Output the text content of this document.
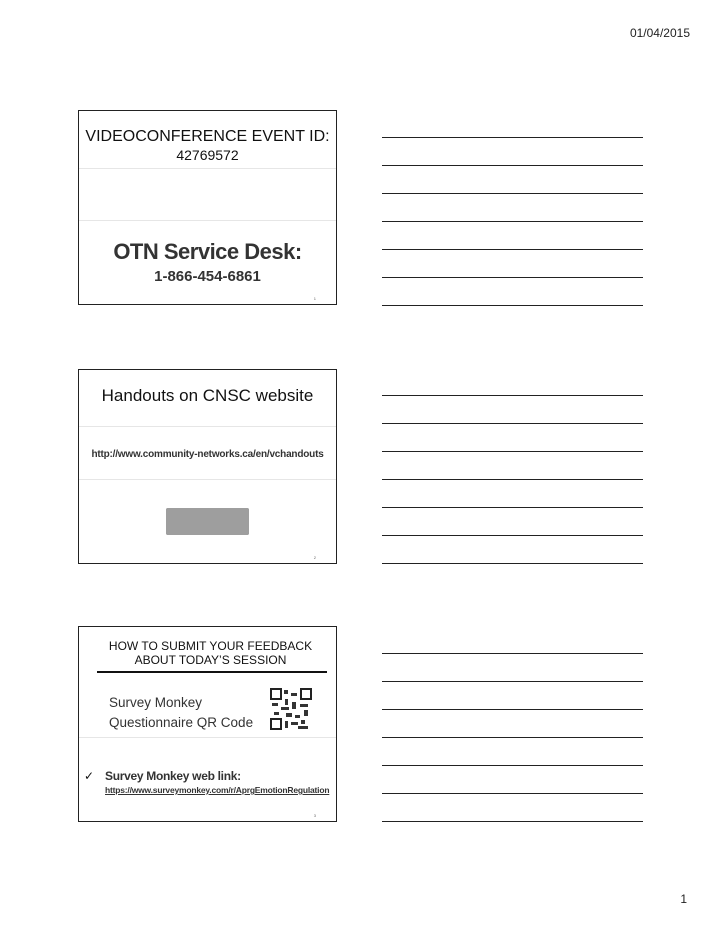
01/04/2015
VIDEOCONFERENCE EVENT ID:
42769572
OTN Service Desk:
1-866-454-6861
1
Handouts on CNSC website
http://www.community-networks.ca/en/vchandouts
2
HOW TO SUBMIT YOUR FEEDBACK
ABOUT TODAY’S SESSION
Survey Monkey
Questionnaire QR Code
✓ Survey Monkey web link:
https://www.surveymonkey.com/r/AprgEmotionRegulation
3
1
